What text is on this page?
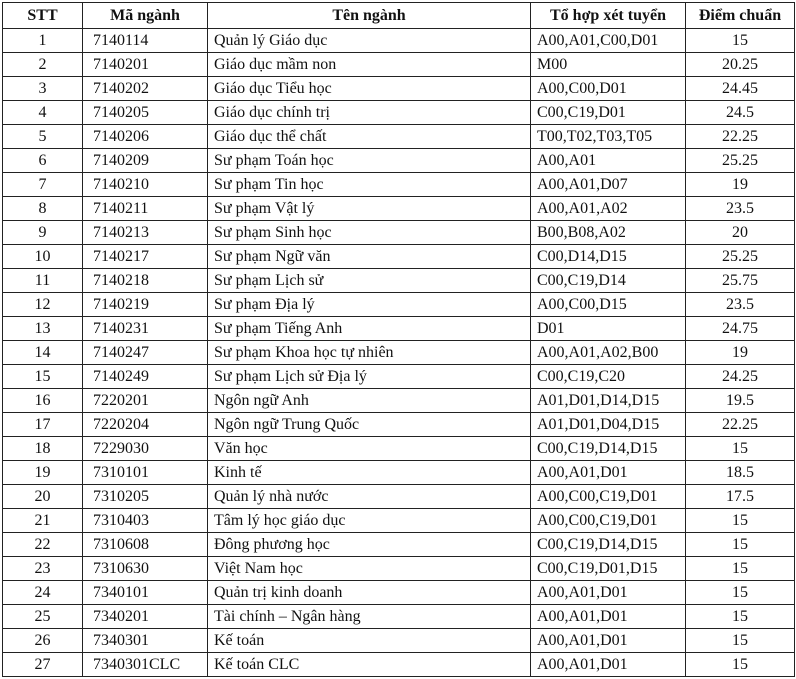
STT	Mã ngành	Tên ngành	Tổ hợp xét tuyển	Điểm chuẩn
1	7140114	Quản lý Giáo dục	A00,A01,C00,D01	15
2	7140201	Giáo dục mầm non	M00	20.25
3	7140202	Giáo dục Tiểu học	A00,C00,D01	24.45
4	7140205	Giáo dục chính trị	C00,C19,D01	24.5
5	7140206	Giáo dục thể chất	T00,T02,T03,T05	22.25
6	7140209	Sư phạm Toán học	A00,A01	25.25
7	7140210	Sư phạm Tin học	A00,A01,D07	19
8	7140211	Sư phạm Vật lý	A00,A01,A02	23.5
9	7140213	Sư phạm Sinh học	B00,B08,A02	20
10	7140217	Sư phạm Ngữ văn	C00,D14,D15	25.25
11	7140218	Sư phạm Lịch sử	C00,C19,D14	25.75
12	7140219	Sư phạm Địa lý	A00,C00,D15	23.5
13	7140231	Sư phạm Tiếng Anh	D01	24.75
14	7140247	Sư phạm Khoa học tự nhiên	A00,A01,A02,B00	19
15	7140249	Sư phạm Lịch sử Địa lý	C00,C19,C20	24.25
16	7220201	Ngôn ngữ Anh	A01,D01,D14,D15	19.5
17	7220204	Ngôn ngữ Trung Quốc	A01,D01,D04,D15	22.25
18	7229030	Văn học	C00,C19,D14,D15	15
19	7310101	Kinh tế	A00,A01,D01	18.5
20	7310205	Quản lý nhà nước	A00,C00,C19,D01	17.5
21	7310403	Tâm lý học giáo dục	A00,C00,C19,D01	15
22	7310608	Đông phương học	C00,C19,D14,D15	15
23	7310630	Việt Nam học	C00,C19,D01,D15	15
24	7340101	Quản trị kinh doanh	A00,A01,D01	15
25	7340201	Tài chính – Ngân hàng	A00,A01,D01	15
26	7340301	Kế toán	A00,A01,D01	15
27	7340301CLC	Kế toán CLC	A00,A01,D01	15
